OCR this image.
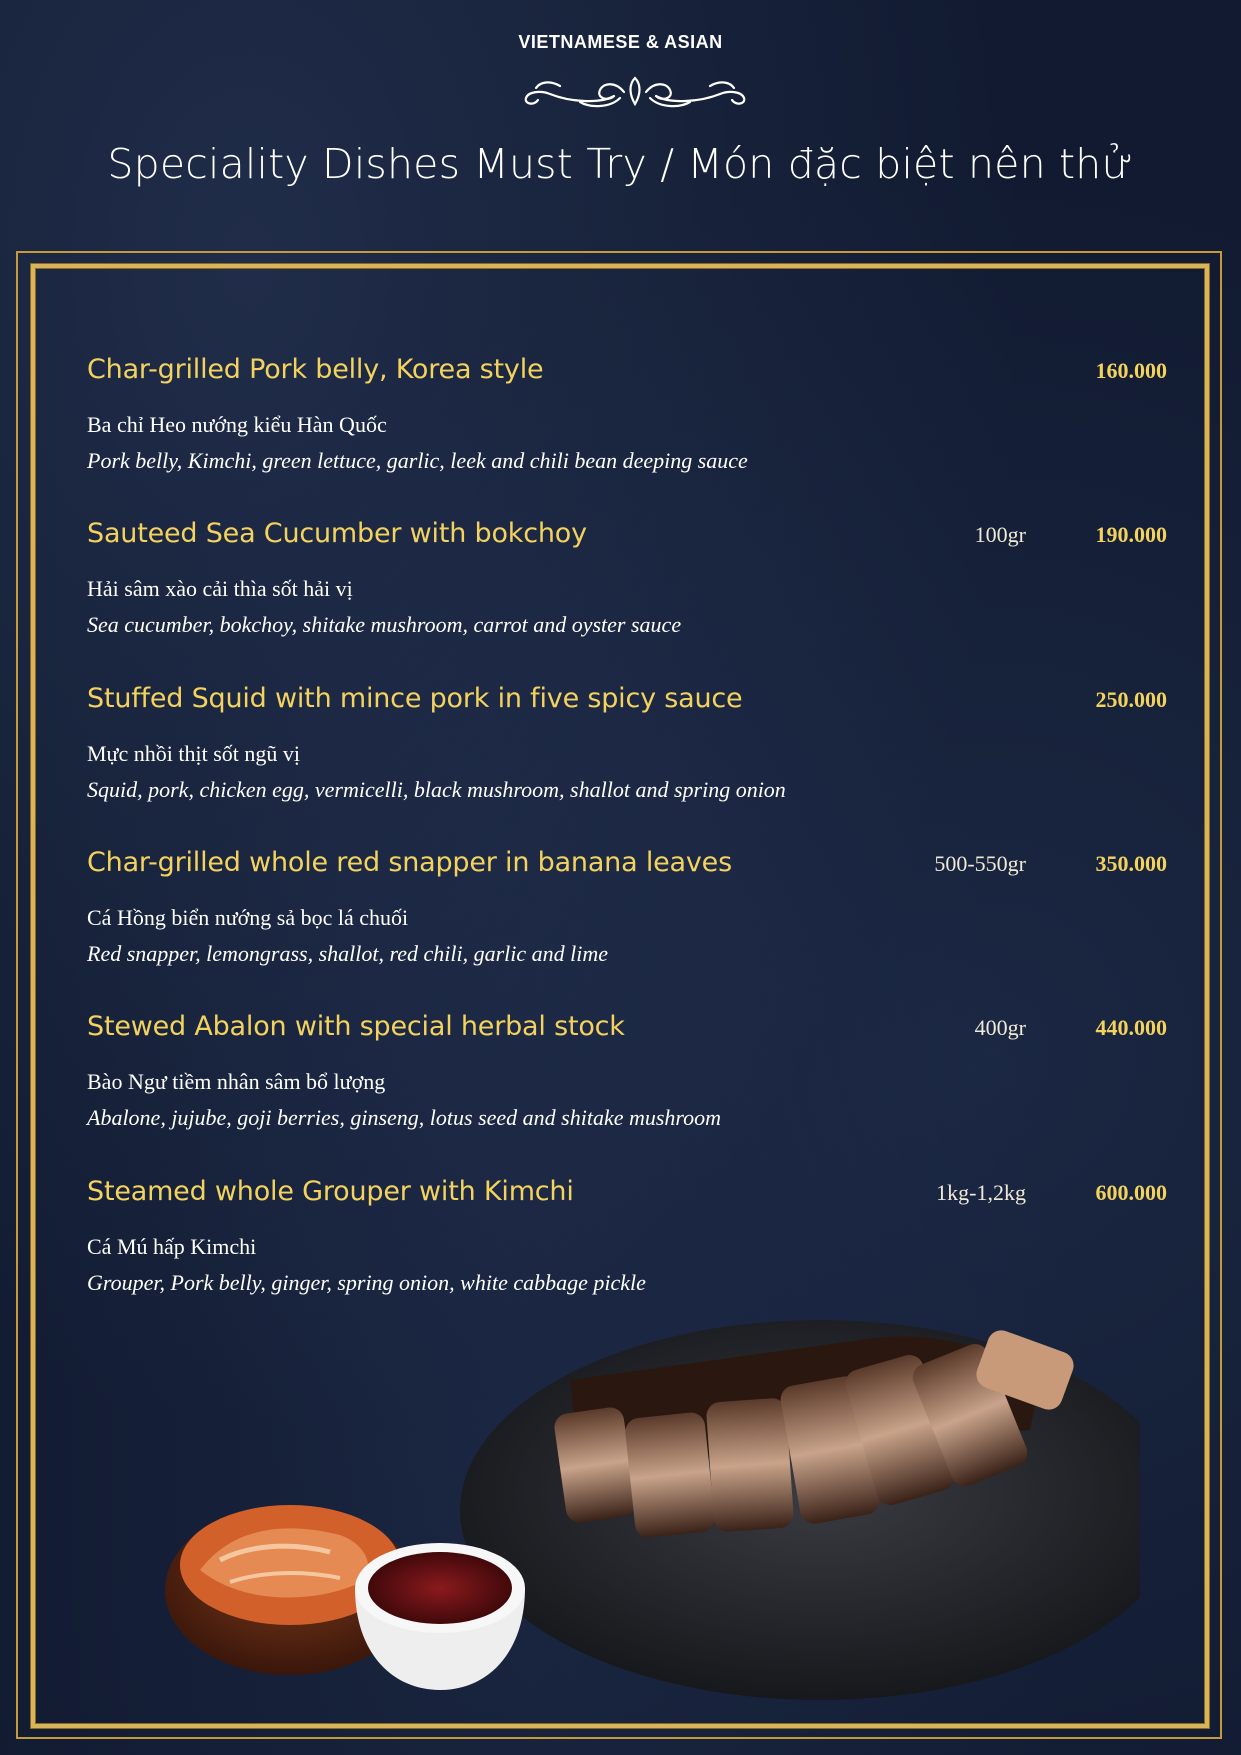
VIETNAMESE & ASIAN
Speciality Dishes Must Try / Món đặc biệt nên thử
Char-grilled Pork belly, Korea style	160.000
Ba chỉ Heo nướng kiểu Hàn Quốc
Pork belly, Kimchi, green lettuce, garlic, leek and chili bean deeping sauce
Sauteed Sea Cucumber with bokchoy	100gr	190.000
Hải sâm xào cải thìa sốt hải vị
Sea cucumber, bokchoy, shitake mushroom, carrot and oyster sauce
Stuffed Squid with mince pork in five spicy sauce	250.000
Mực nhồi thịt sốt ngũ vị
Squid, pork, chicken egg, vermicelli, black mushroom, shallot and spring onion
Char-grilled whole red snapper in banana leaves	500-550gr	350.000
Cá Hồng biển nướng sả bọc lá chuối
Red snapper, lemongrass, shallot, red chili, garlic and lime
Stewed Abalon with special herbal stock	400gr	440.000
Bào Ngư tiềm nhân sâm bổ lượng
Abalone, jujube, goji berries, ginseng, lotus seed and shitake mushroom
Steamed whole Grouper with Kimchi	1kg-1,2kg	600.000
Cá Mú hấp Kimchi
Grouper, Pork belly, ginger, spring onion, white cabbage pickle
